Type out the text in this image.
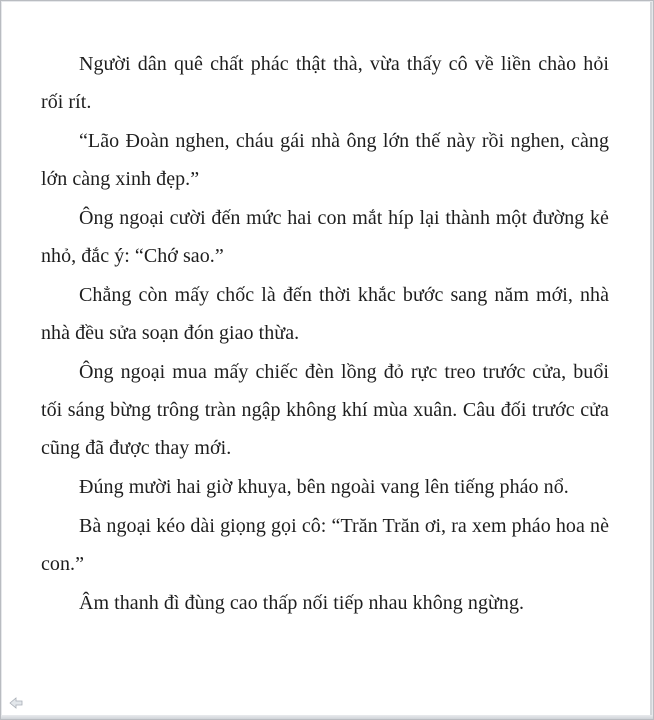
Người dân quê chất phác thật thà, vừa thấy cô về liền chào hỏi rối rít.

“Lão Đoàn nghen, cháu gái nhà ông lớn thế này rồi nghen, càng lớn càng xinh đẹp.”

Ông ngoại cười đến mức hai con mắt híp lại thành một đường kẻ nhỏ, đắc ý: “Chớ sao.”

Chẳng còn mấy chốc là đến thời khắc bước sang năm mới, nhà nhà đều sửa soạn đón giao thừa.

Ông ngoại mua mấy chiếc đèn lồng đỏ rực treo trước cửa, buổi tối sáng bừng trông tràn ngập không khí mùa xuân. Câu đối trước cửa cũng đã được thay mới.

Đúng mười hai giờ khuya, bên ngoài vang lên tiếng pháo nổ.

Bà ngoại kéo dài giọng gọi cô: “Trăn Trăn ơi, ra xem pháo hoa nè con.”

Âm thanh đì đùng cao thấp nối tiếp nhau không ngừng.
